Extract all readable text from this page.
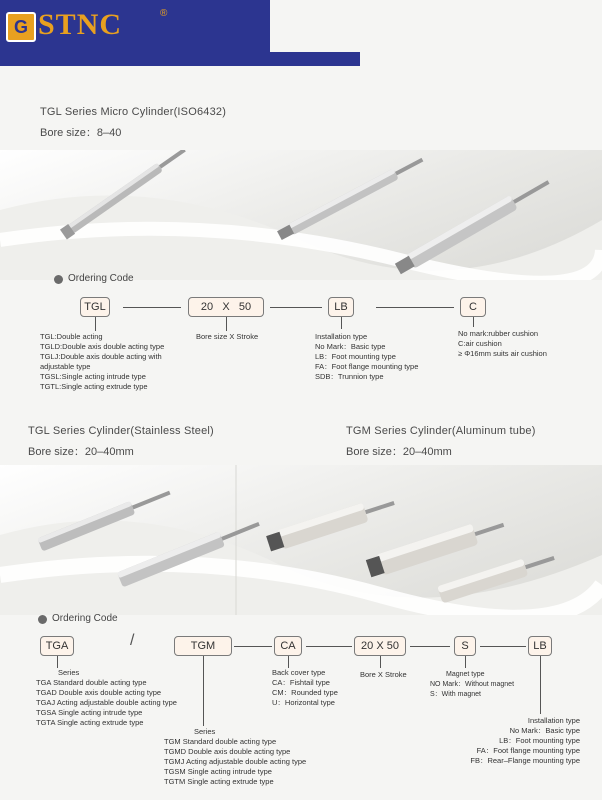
G STNC	®
TGL Series Micro Cylinder(ISO6432)
Bore size：8–40
Ordering Code
TGL	20 X 50	LB	C
TGL:Double acting
TGLD:Double axis double acting type
TGLJ:Double axis double acting with
adjustable type
TGSL:Single acting intrude type
TGTL:Single acting extrude type
Bore size X Stroke	Installation type
No Mark：Basic type
LB：Foot mounting type
FA：Foot flange mounting type
SDB：Trunnion type
No mark:rubber cushion
C:air cushion
≥ Φ16mm suits air cushion
TGL Series Cylinder(Stainless Steel)
Bore size：20–40mm
TGM Series Cylinder(Aluminum tube)
Bore size：20–40mm
Ordering Code
TGA	/	TGM	CA	20 X 50	S	LB
Series
TGA Standard double acting type
TGAD Double axis double acting type
TGAJ Acting adjustable double acting type
TGSA Single acting intrude type
TGTA Single acting extrude type
Series
TGM Standard double acting type
TGMD Double axis double acting type
TGMJ Acting adjustable double acting type
TGSM Single acting intrude type
TGTM Single acting extrude type
Back cover type
CA：Fishtail type
CM：Rounded type
U：Horizontal type
Bore X Stroke	Magnet type
NO Mark：Without magnet
S：With magnet
Installation type
No Mark：Basic type
LB：Foot mounting type
FA：Foot flange mounting type
FB：Rear–Flange mounting type
